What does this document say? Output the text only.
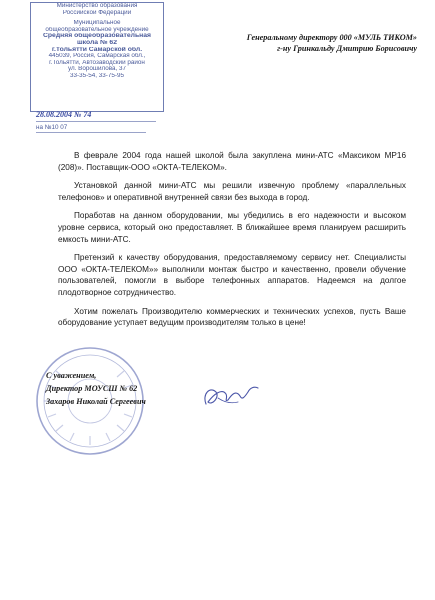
Министерство образования
Российской Федерации
Муниципальное
общеобразовательное учреждение
Средняя общеобразовательная
школа № 62
г.Тольятти Самарской обл.
445039, Россия, Самарская обл.,
г.Тольятти, Автозаводский район
ул. Ворошилова, 37
33-35-54, 33-75-95
28.08.2004 № 74
на №10 07
Генеральному директору 000 «МУЛЬ ТИКОМ»
г-ну Гринкальду Дмитрию Борисовичу

В феврале 2004 года нашей школой была закуплена мини-АТС «Максиком MP16 (208)». Поставщик-ООО «ОКТА-ТЕЛЕКОМ».

Установкой данной мини-АТС мы решили извечную проблему «параллельных телефонов» и оперативной внутренней связи без выхода в город.

Поработав на данном оборудовании, мы убедились в его надежности и высоком уровне сервиса, который оно предоставляет. В ближайшее время планируем расширить емкость мини-АТС.

Претензий к качеству оборудования, предоставляемому сервису нет. Специалисты ООО «ОКТА-ТЕЛЕКОМ»» выполнили монтаж быстро и качественно, провели обучение пользователей, помогли в выборе телефонных аппаратов. Надеемся на долгое плодотворное сотрудничество.

Хотим пожелать Производителю коммерческих и технических успехов, пусть Ваше оборудование уступает ведущим производителям только в цене!

С уважением,
Директор МОУСШ № 62
Захаров Николай Сергеевич
